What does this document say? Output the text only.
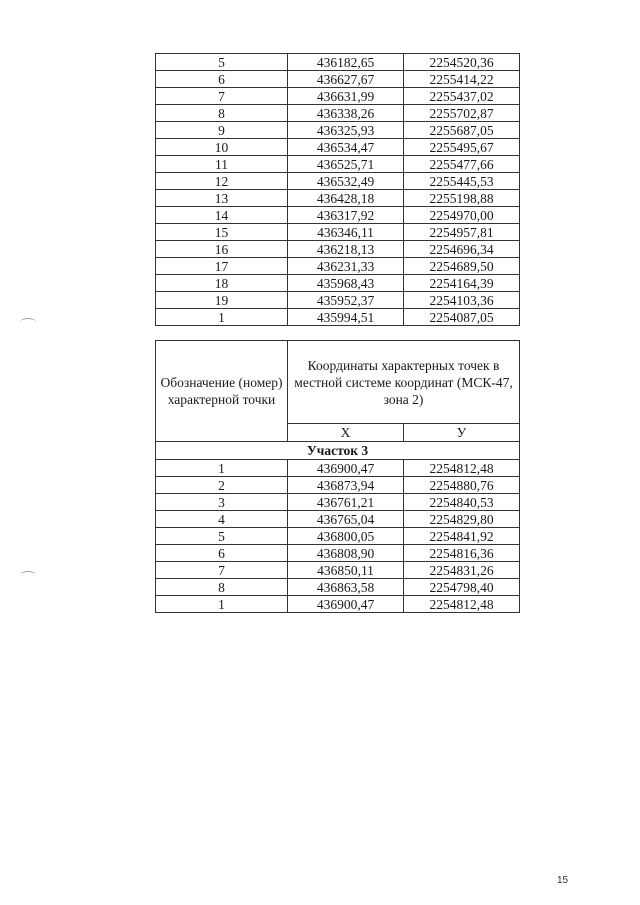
5	436182,65	2254520,36
6	436627,67	2255414,22
7	436631,99	2255437,02
8	436338,26	2255702,87
9	436325,93	2255687,05
10	436534,47	2255495,67
11	436525,71	2255477,66
12	436532,49	2255445,53
13	436428,18	2255198,88
14	436317,92	2254970,00
15	436346,11	2254957,81
16	436218,13	2254696,34
17	436231,33	2254689,50
18	435968,43	2254164,39
19	435952,37	2254103,36
1	435994,51	2254087,05
Обозначение (номер) характерной точки	Координаты характерных точек в местной системе координат (МСК-47, зона 2)	
	X	У
Участок 3		
1	436900,47	2254812,48
2	436873,94	2254880,76
3	436761,21	2254840,53
4	436765,04	2254829,80
5	436800,05	2254841,92
6	436808,90	2254816,36
7	436850,11	2254831,26
8	436863,58	2254798,40
1	436900,47	2254812,48
15
